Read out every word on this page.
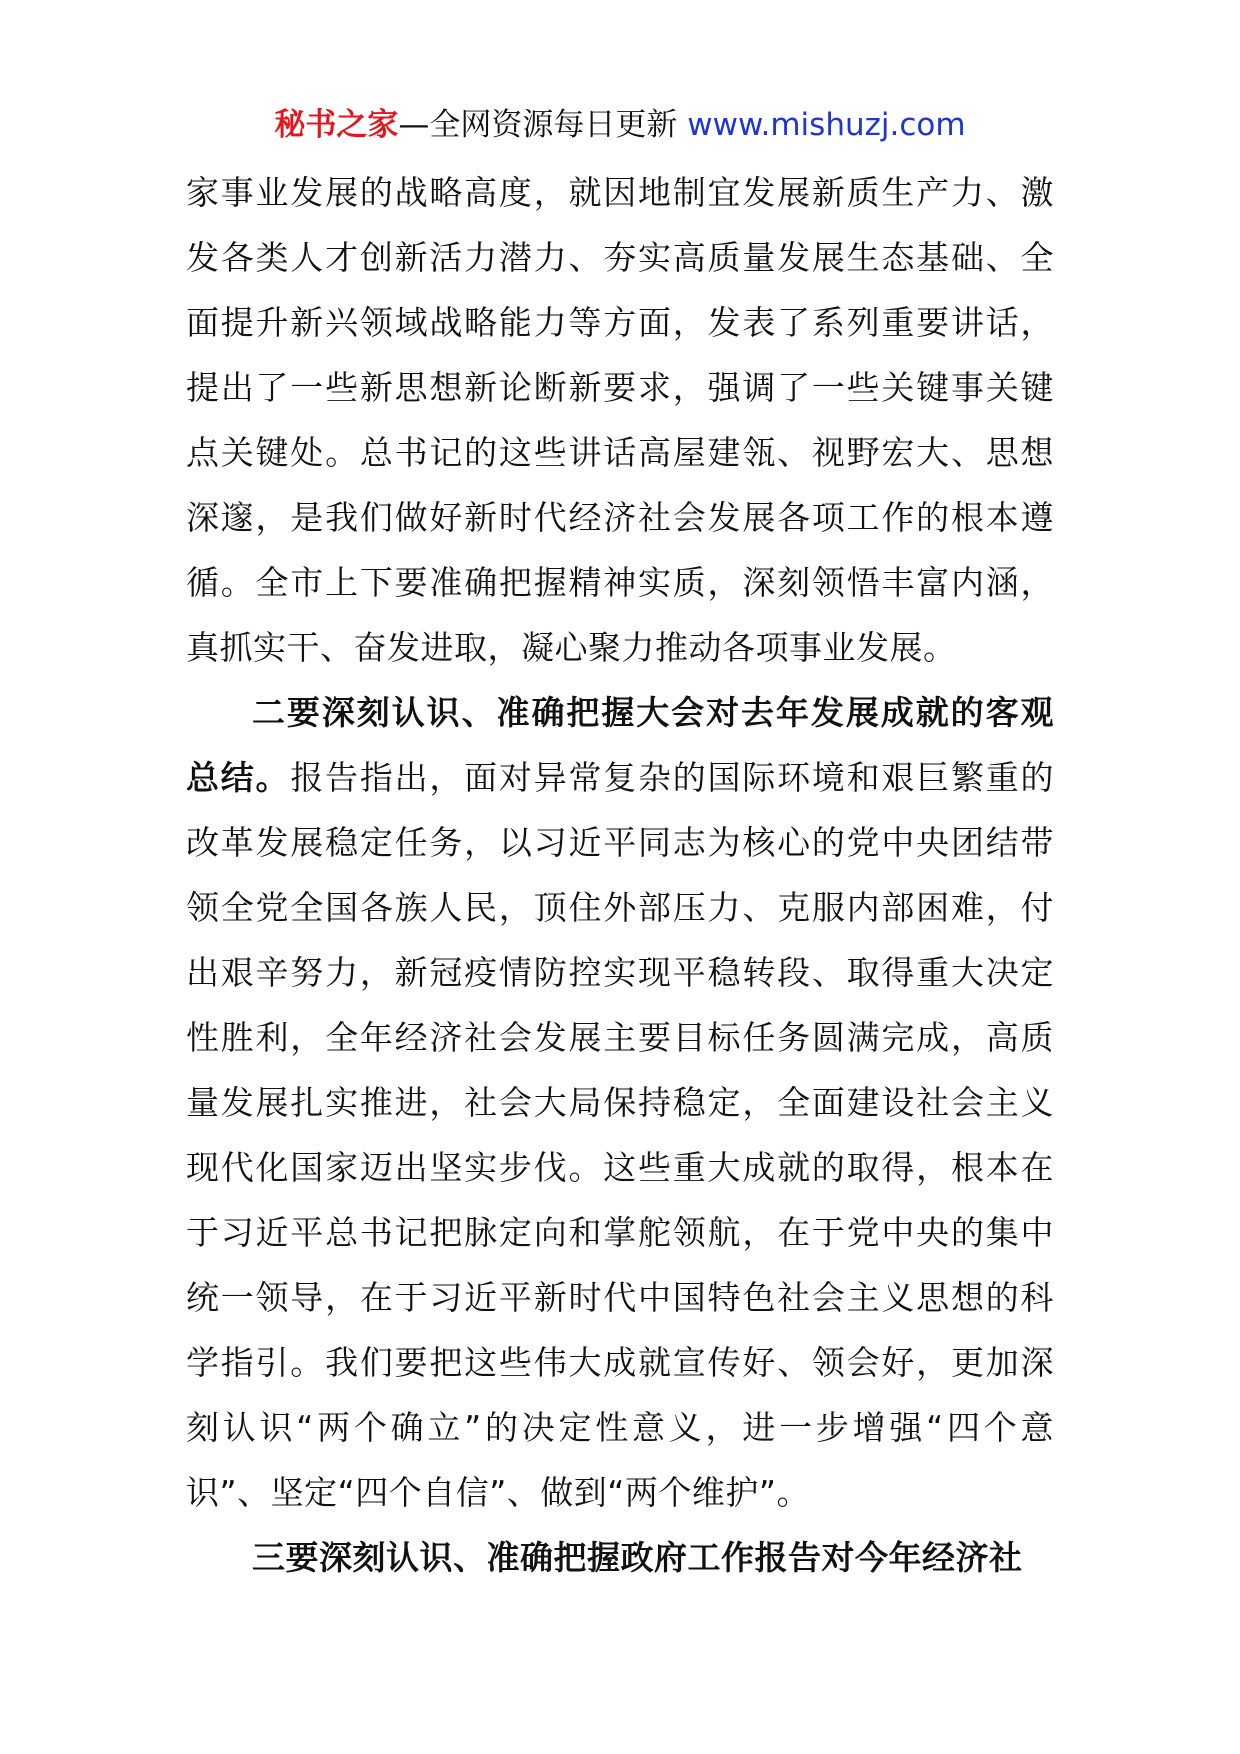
秘书之家—全网资源每日更新 www.mishuzj.com

家事业发展的战略高度，就因地制宜发展新质生产力、激发各类人才创新活力潜力、夯实高质量发展生态基础、全面提升新兴领域战略能力等方面，发表了系列重要讲话，提出了一些新思想新论断新要求，强调了一些关键事关键点关键处。总书记的这些讲话高屋建瓴、视野宏大、思想深邃，是我们做好新时代经济社会发展各项工作的根本遵循。全市上下要准确把握精神实质，深刻领悟丰富内涵，真抓实干、奋发进取，凝心聚力推动各项事业发展。

二要深刻认识、准确把握大会对去年发展成就的客观总结。报告指出，面对异常复杂的国际环境和艰巨繁重的改革发展稳定任务，以习近平同志为核心的党中央团结带领全党全国各族人民，顶住外部压力、克服内部困难，付出艰辛努力，新冠疫情防控实现平稳转段、取得重大决定性胜利，全年经济社会发展主要目标任务圆满完成，高质量发展扎实推进，社会大局保持稳定，全面建设社会主义现代化国家迈出坚实步伐。这些重大成就的取得，根本在于习近平总书记把脉定向和掌舵领航，在于党中央的集中统一领导，在于习近平新时代中国特色社会主义思想的科学指引。我们要把这些伟大成就宣传好、领会好，更加深刻认识“两个确立”的决定性意义，进一步增强“四个意识”、坚定“四个自信”、做到“两个维护”。

三要深刻认识、准确把握政府工作报告对今年经济社
